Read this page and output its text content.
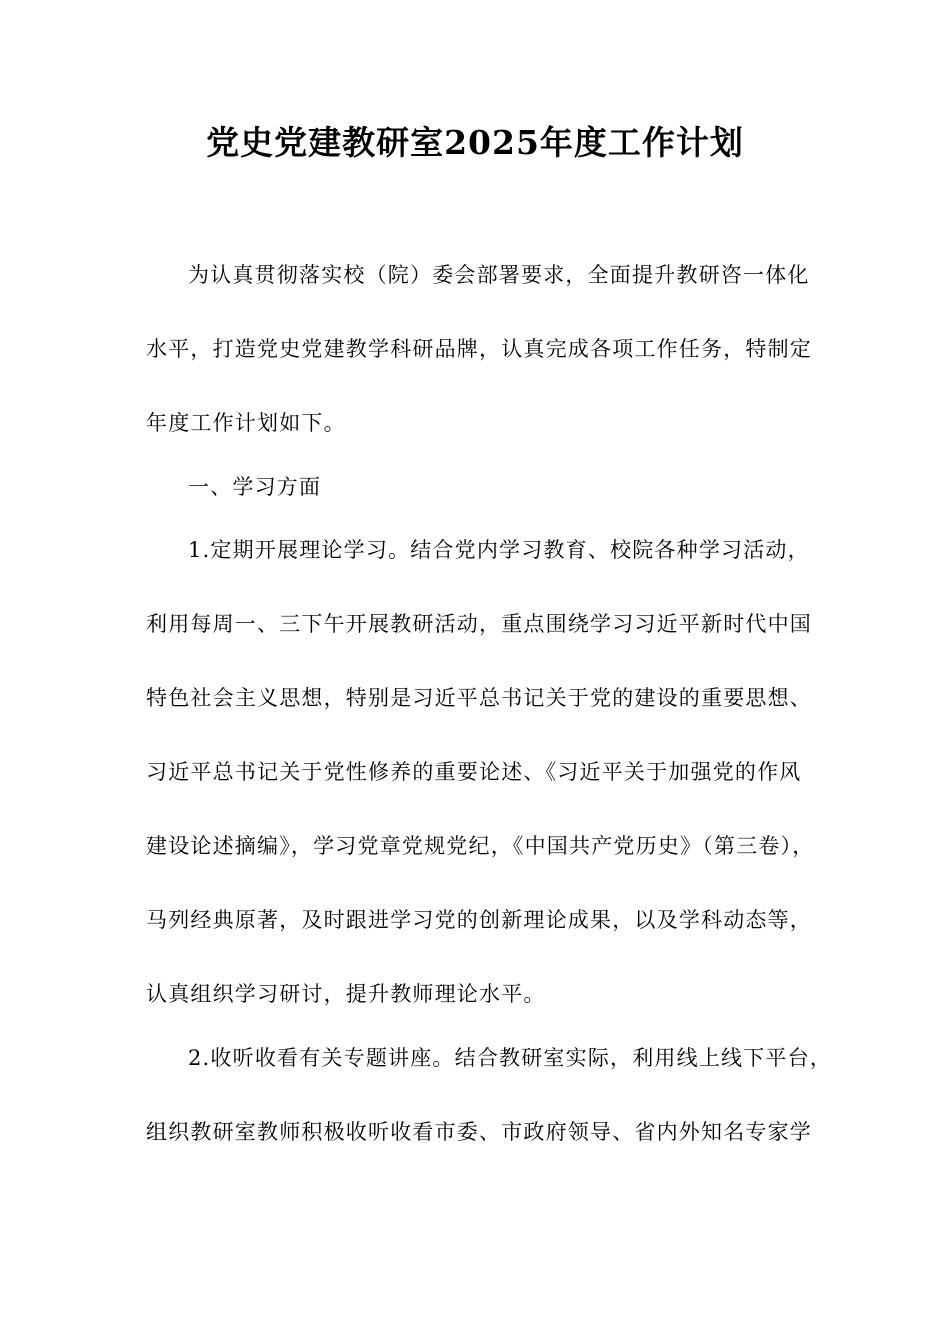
党史党建教研室2025年度工作计划
为认真贯彻落实校（院）委会部署要求，全面提升教研咨一体化
水平，打造党史党建教学科研品牌，认真完成各项工作任务，特制定
年度工作计划如下。
一、学习方面
1.定期开展理论学习。结合党内学习教育、校院各种学习活动，
利用每周一、三下午开展教研活动，重点围绕学习习近平新时代中国
特色社会主义思想，特别是习近平总书记关于党的建设的重要思想、
习近平总书记关于党性修养的重要论述、《习近平关于加强党的作风
建设论述摘编》，学习党章党规党纪，《中国共产党历史》（第三卷），
马列经典原著，及时跟进学习党的创新理论成果，以及学科动态等，
认真组织学习研讨，提升教师理论水平。
2.收听收看有关专题讲座。结合教研室实际，利用线上线下平台，
组织教研室教师积极收听收看市委、市政府领导、省内外知名专家学
